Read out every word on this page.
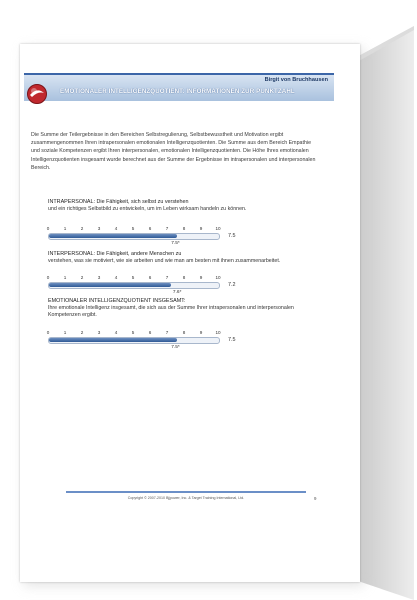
Birgit von Bruchhausen
EMOTIONALER INTELLIGENZQUOTIENT: INFORMATIONEN ZUR PUNKTZAHL
Die Summe der Teilergebnisse in den Bereichen Selbstregulierung, Selbstbewusstheit und Motivation ergibt zusammengenommen Ihren intrapersonalen emotionalen Intelligenzquotienten. Die Summe aus dem Bereich Empathie und soziale Kompetenzen ergibt Ihren interpersonalen, emotionalen Intelligenzquotienten. Die Höhe Ihres emotionalen Intelligenzquotienten insgesamt wurde berechnet aus der Summe der Ergebnisse im intrapersonalen und interpersonalen Bereich.
INTRAPERSONAL: Die Fähigkeit, sich selbst zu verstehen
und ein richtiges Selbstbild zu entwickeln, um im Leben wirksam handeln zu können.
0	1	2	3	4	5	6	7	8	9	10
7.5*
7.5
INTERPERSONAL: Die Fähigkeit, andere Menschen zu
verstehen, was sie motiviert, wie sie arbeiten und wie man am besten mit ihnen zusammenarbeitet.
0	1	2	3	4	5	6	7	8	9	10
7.6*
7.2
EMOTIONALER INTELLIGENZQUOTIENT INSGESAMT:
Ihre emotionale Intelligenz insgesamt, die sich aus der Summe Ihrer intrapersonalen und interpersonalen Kompetenzen ergibt.
0	1	2	3	4	5	6	7	8	9	10
7.5*
7.5
Copyright © 2007-2010 Bjjpower, Inc. & Target Training International, Ltd.	9
